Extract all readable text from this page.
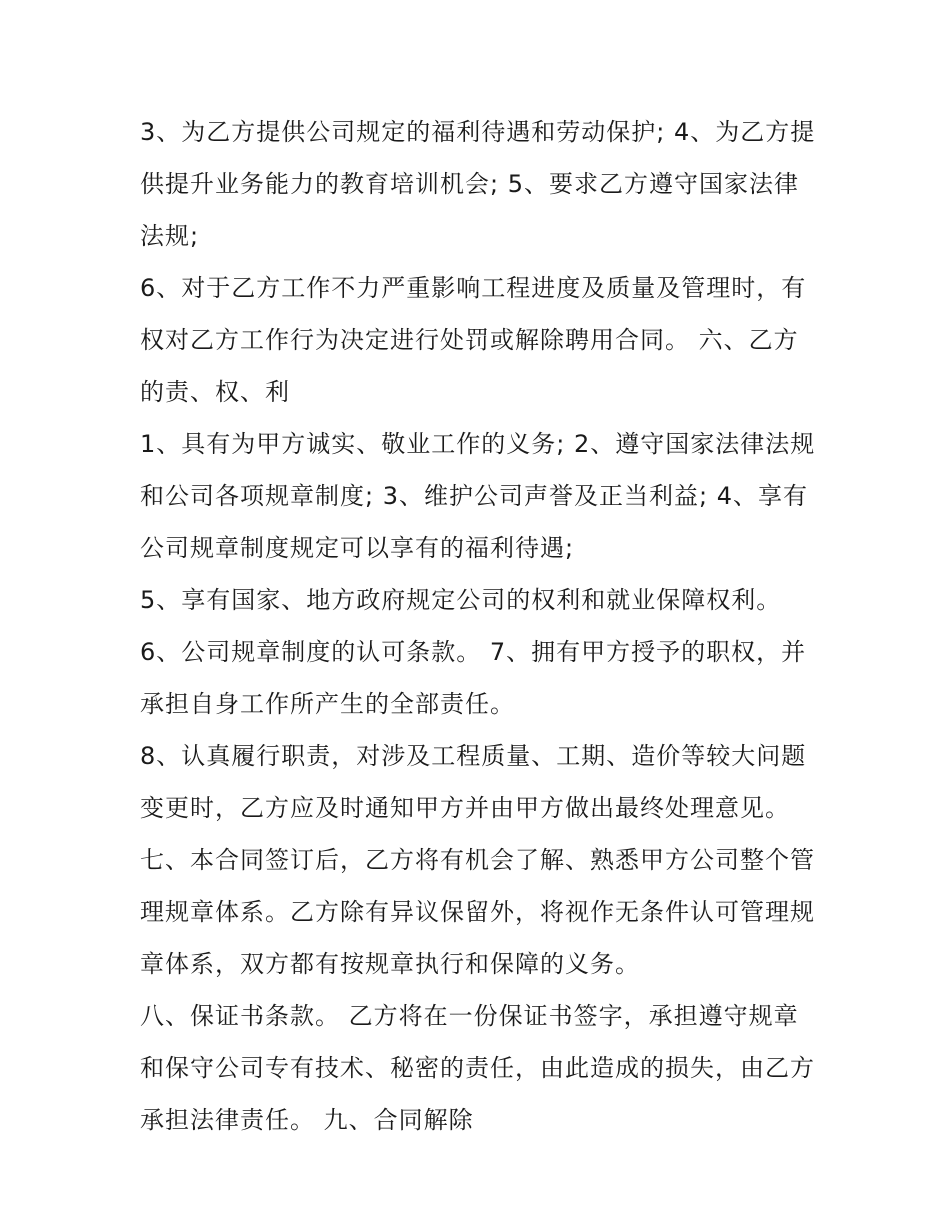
3、为乙方提供公司规定的福利待遇和劳动保护; 4、为乙方提供提升业务能力的教育培训机会; 5、要求乙方遵守国家法律法规;

6、对于乙方工作不力严重影响工程进度及质量及管理时，有权对乙方工作行为决定进行处罚或解除聘用合同。 六、乙方的责、权、利

1、具有为甲方诚实、敬业工作的义务; 2、遵守国家法律法规和公司各项规章制度; 3、维护公司声誉及正当利益; 4、享有公司规章制度规定可以享有的福利待遇;

5、享有国家、地方政府规定公司的权利和就业保障权利。

6、公司规章制度的认可条款。 7、拥有甲方授予的职权，并承担自身工作所产生的全部责任。

8、认真履行职责，对涉及工程质量、工期、造价等较大问题变更时，乙方应及时通知甲方并由甲方做出最终处理意见。

七、本合同签订后，乙方将有机会了解、熟悉甲方公司整个管理规章体系。乙方除有异议保留外，将视作无条件认可管理规章体系，双方都有按规章执行和保障的义务。

八、保证书条款。 乙方将在一份保证书签字，承担遵守规章和保守公司专有技术、秘密的责任，由此造成的损失，由乙方承担法律责任。 九、合同解除
